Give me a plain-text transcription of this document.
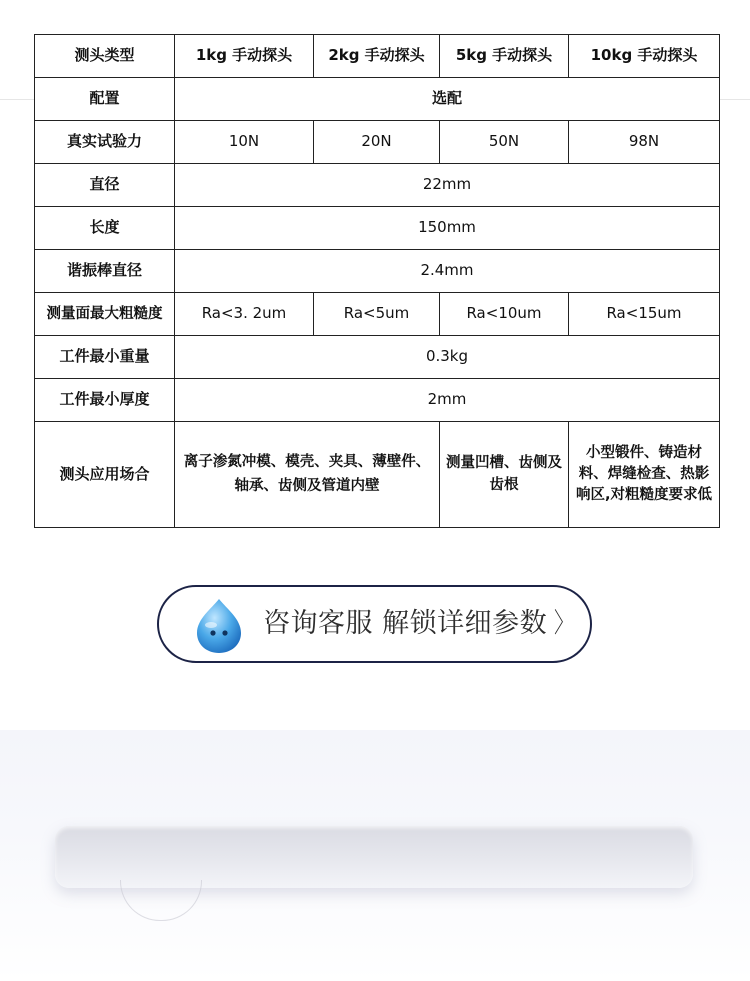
测头类型	1kg 手动探头	2kg 手动探头	5kg 手动探头	10kg 手动探头
配置	选配			
真实试验力	10N	20N	50N	98N
直径	22mm			
长度	150mm			
谐振棒直径	2.4mm			
测量面最大粗糙度	Ra<3. 2um	Ra<5um	Ra<10um	Ra<15um
工件最小重量	0.3kg			
工件最小厚度	2mm			
测头应用场合	离子渗氮冲模、模壳、夹具、薄壁件、轴承、齿侧及管道内壁		测量凹槽、齿侧及齿根	小型锻件、铸造材料、焊缝检查、热影响区,对粗糙度要求低
咨询客服 解锁详细参数 〉
